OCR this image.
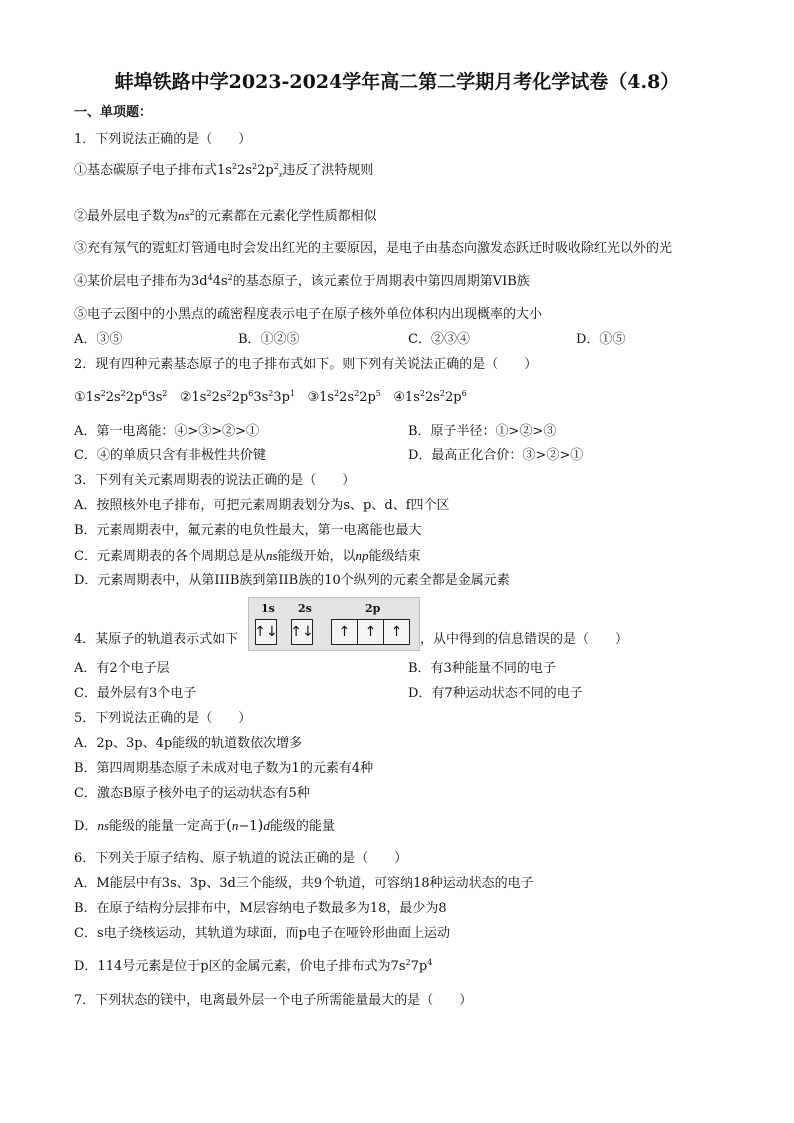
蚌埠铁路中学2023-2024学年高二第二学期月考化学试卷（4.8）
一、单项题：
1．下列说法正确的是（　　）
①基态碳原子电子排布式$1s^22s^22p^2_x$违反了洪特规则
②最外层电子数为$ns^2$的元素都在元素化学性质都相似
③充有氖气的霓虹灯管通电时会发出红光的主要原因，是电子由基态向激发态跃迁时吸收除红光以外的光
④某价层电子排布为$3d^44s^2$的基态原子，该元素位于周期表中第四周期第VIB族
⑤电子云图中的小黑点的疏密程度表示电子在原子核外单位体积内出现概率的大小
A．③⑤	B．①②⑤	C．②③④	D．①⑤
2．现有四种元素基态原子的电子排布式如下。则下列有关说法正确的是（　　）
$①1s^22s^22p^63s^2$   $②1s^22s^22p^63s^23p^1$   $③1s^22s^22p^5$   $④1s^22s^22p^6$
A．第一电离能：④>③>②>①	B．原子半径：①>②>③
C．④的单质只含有非极性共价键	D．最高正化合价：③>②>①
3．下列有关元素周期表的说法正确的是（　　）
A．按照核外电子排布，可把元素周期表划分为s、p、d、f四个区
B．元素周期表中，氟元素的电负性最大，第一电离能也最大
C．元素周期表的各个周期总是从ns能级开始，以np能级结束
D．元素周期表中，从第IIIB族到第IIB族的10个纵列的元素全都是金属元素
4．某原子的轨道表示式如下
1s 2s	2p
↑↓ ↑↓	↑	↑	↑	，从中得到的信息错误的是（　　）
A．有2个电子层	B．有3种能量不同的电子
C．最外层有3个电子	D．有7种运动状态不同的电子
5．下列说法正确的是（　　）
A．2p、3p、4p能级的轨道数依次增多
B．第四周期基态原子未成对电子数为1的元素有4种
C．激态B原子核外电子的运动状态有5种
D．ns能级的能量一定高于(n−1)d能级的能量
6．下列关于原子结构、原子轨道的说法正确的是（　　）
A．M能层中有3s、3p、3d三个能级，共9个轨道，可容纳18种运动状态的电子
B．在原子结构分层排布中，M层容纳电子数最多为18，最少为8
C．s电子绕核运动，其轨道为球面，而p电子在哑铃形曲面上运动
D．114号元素是位于p区的金属元素，价电子排布式为$7s^27p^4$
7．下列状态的镁中，电离最外层一个电子所需能量最大的是（　　）
